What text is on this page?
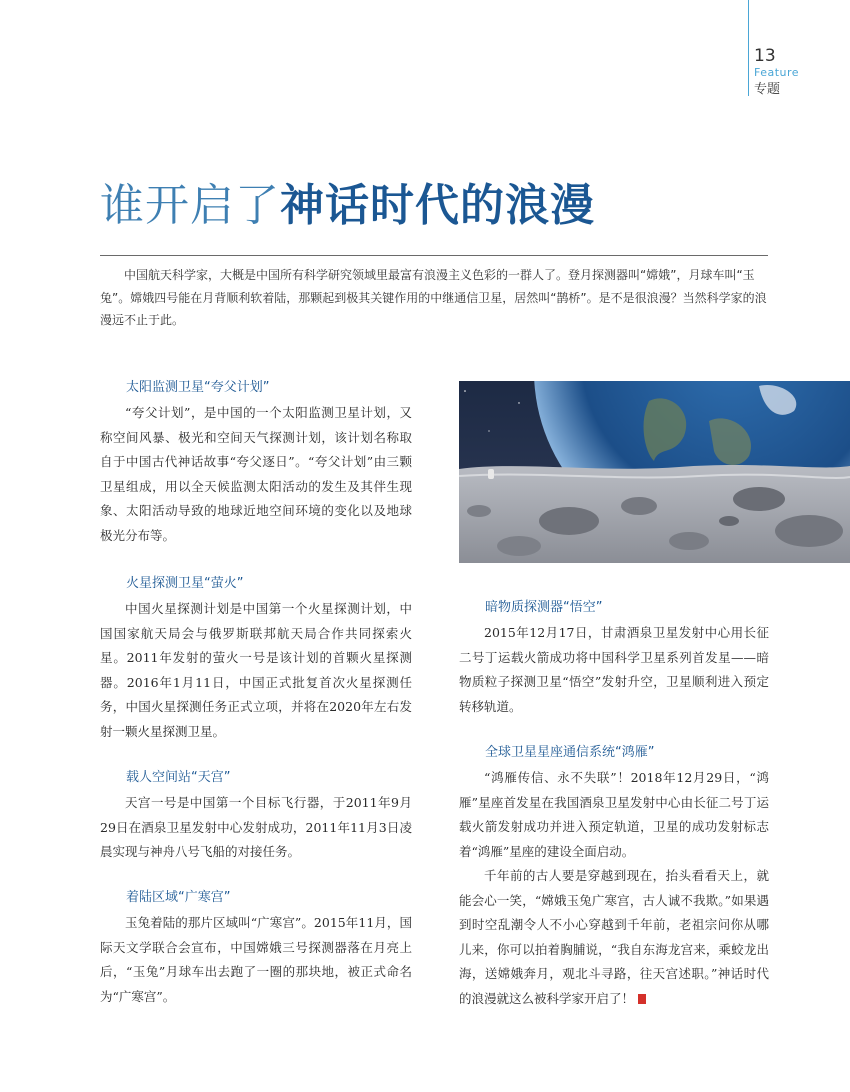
13
Feature
专题
谁开启了神话时代的浪漫

中国航天科学家，大概是中国所有科学研究领域里最富有浪漫主义色彩的一群人了。登月探测器叫“嫦娥”，月球车叫“玉兔”。嫦娥四号能在月背顺利软着陆，那颗起到极其关键作用的中继通信卫星，居然叫“鹊桥”。是不是很浪漫？当然科学家的浪漫远不止于此。

太阳监测卫星“夸父计划”

“夸父计划”，是中国的一个太阳监测卫星计划，又称空间风暴、极光和空间天气探测计划，该计划名称取自于中国古代神话故事“夸父逐日”。“夸父计划”由三颗卫星组成，用以全天候监测太阳活动的发生及其伴生现象、太阳活动导致的地球近地空间环境的变化以及地球极光分布等。

火星探测卫星“萤火”

中国火星探测计划是中国第一个火星探测计划，中国国家航天局会与俄罗斯联邦航天局合作共同探索火星。2011年发射的萤火一号是该计划的首颗火星探测器。2016年1月11日，中国正式批复首次火星探测任务，中国火星探测任务正式立项，并将在2020年左右发射一颗火星探测卫星。

载人空间站“天宫”

天宫一号是中国第一个目标飞行器，于2011年9月29日在酒泉卫星发射中心发射成功，2011年11月3日凌晨实现与神舟八号飞船的对接任务。

着陆区域“广寒宫”

玉兔着陆的那片区域叫“广寒宫”。2015年11月，国际天文学联合会宣布，中国嫦娥三号探测器落在月亮上后，“玉兔”月球车出去跑了一圈的那块地，被正式命名为“广寒宫”。

暗物质探测器“悟空”

2015年12月17日，甘肃酒泉卫星发射中心用长征二号丁运载火箭成功将中国科学卫星系列首发星——暗物质粒子探测卫星“悟空”发射升空，卫星顺利进入预定转移轨道。

全球卫星星座通信系统“鸿雁”

“鸿雁传信、永不失联”！2018年12月29日，“鸿雁”星座首发星在我国酒泉卫星发射中心由长征二号丁运载火箭发射成功并进入预定轨道，卫星的成功发射标志着“鸿雁”星座的建设全面启动。

千年前的古人要是穿越到现在，抬头看看天上，就能会心一笑，“嫦娥玉兔广寒宫，古人诚不我欺。”如果遇到时空乱潮令人不小心穿越到千年前，老祖宗问你从哪儿来，你可以拍着胸脯说，“我自东海龙宫来，乘蛟龙出海，送嫦娥奔月，观北斗寻路，往天宫述职。”神话时代的浪漫就这么被科学家开启了！
